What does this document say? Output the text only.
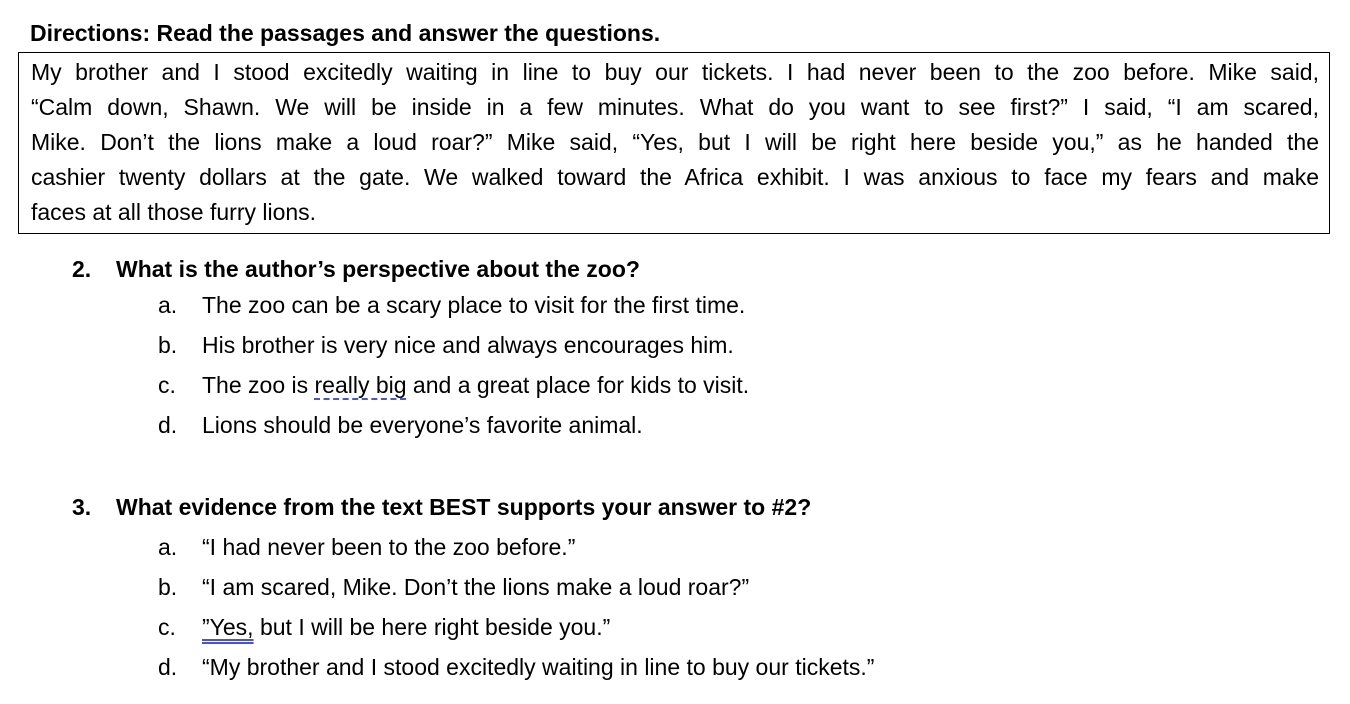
Directions: Read the passages and answer the questions.
My brother and I stood excitedly waiting in line to buy our tickets. I had never been to the zoo before. Mike said,
“Calm down, Shawn. We will be inside in a few minutes. What do you want to see first?” I said, “I am scared,
Mike. Don’t the lions make a loud roar?” Mike said, “Yes, but I will be right here beside you,” as he handed the
cashier twenty dollars at the gate. We walked toward the Africa exhibit. I was anxious to face my fears and make
faces at all those furry lions.
2. What is the author’s perspective about the zoo?
a. The zoo can be a scary place to visit for the first time.
b. His brother is very nice and always encourages him.
c. The zoo is really big and a great place for kids to visit.
d. Lions should be everyone’s favorite animal.
3. What evidence from the text BEST supports your answer to #2?
a. “I had never been to the zoo before.”
b. “I am scared, Mike. Don’t the lions make a loud roar?”
c. ”Yes, but I will be here right beside you.”
d. “My brother and I stood excitedly waiting in line to buy our tickets.”
